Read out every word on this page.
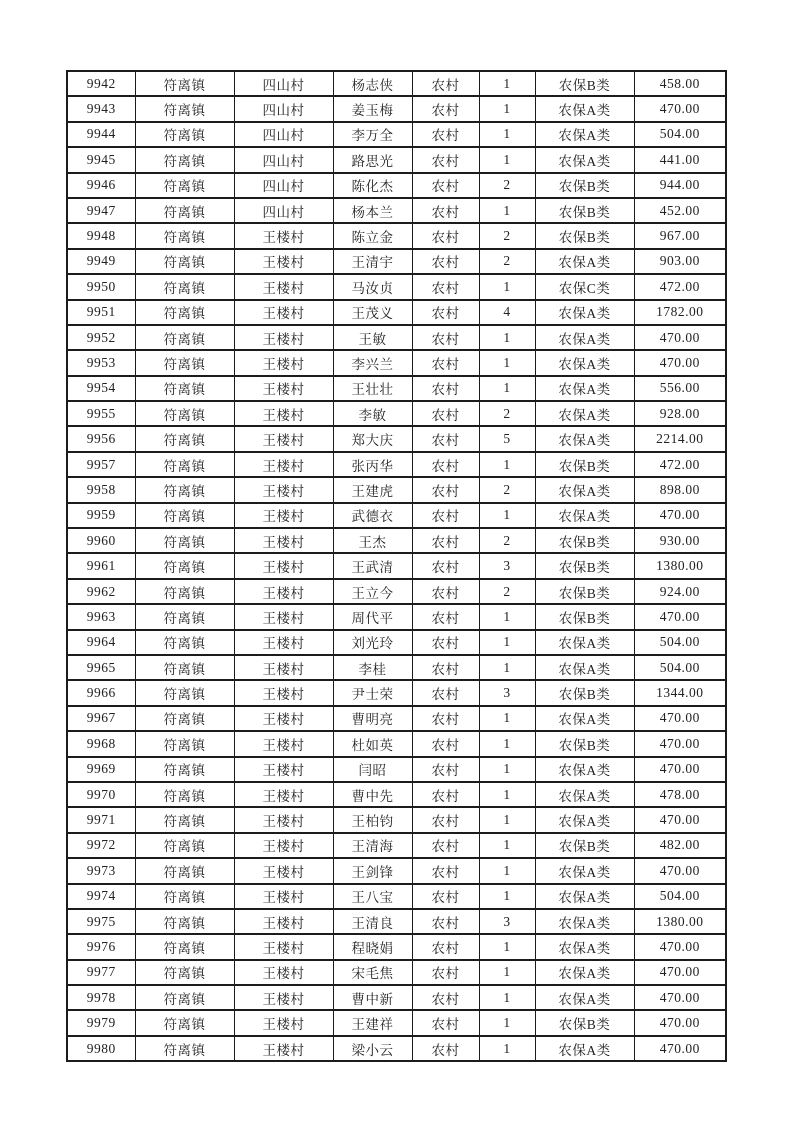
9942	符离镇	四山村	杨志侠	农村	1	农保B类	458.00
9943	符离镇	四山村	姜玉梅	农村	1	农保A类	470.00
9944	符离镇	四山村	李万全	农村	1	农保A类	504.00
9945	符离镇	四山村	路思光	农村	1	农保A类	441.00
9946	符离镇	四山村	陈化杰	农村	2	农保B类	944.00
9947	符离镇	四山村	杨本兰	农村	1	农保B类	452.00
9948	符离镇	王楼村	陈立金	农村	2	农保B类	967.00
9949	符离镇	王楼村	王清宇	农村	2	农保A类	903.00
9950	符离镇	王楼村	马汝贞	农村	1	农保C类	472.00
9951	符离镇	王楼村	王茂义	农村	4	农保A类	1782.00
9952	符离镇	王楼村	王敏	农村	1	农保A类	470.00
9953	符离镇	王楼村	李兴兰	农村	1	农保A类	470.00
9954	符离镇	王楼村	王壮壮	农村	1	农保A类	556.00
9955	符离镇	王楼村	李敏	农村	2	农保A类	928.00
9956	符离镇	王楼村	郑大庆	农村	5	农保A类	2214.00
9957	符离镇	王楼村	张丙华	农村	1	农保B类	472.00
9958	符离镇	王楼村	王建虎	农村	2	农保A类	898.00
9959	符离镇	王楼村	武德衣	农村	1	农保A类	470.00
9960	符离镇	王楼村	王杰	农村	2	农保B类	930.00
9961	符离镇	王楼村	王武清	农村	3	农保B类	1380.00
9962	符离镇	王楼村	王立今	农村	2	农保B类	924.00
9963	符离镇	王楼村	周代平	农村	1	农保B类	470.00
9964	符离镇	王楼村	刘光玲	农村	1	农保A类	504.00
9965	符离镇	王楼村	李桂	农村	1	农保A类	504.00
9966	符离镇	王楼村	尹士荣	农村	3	农保B类	1344.00
9967	符离镇	王楼村	曹明亮	农村	1	农保A类	470.00
9968	符离镇	王楼村	杜如英	农村	1	农保B类	470.00
9969	符离镇	王楼村	闫昭	农村	1	农保A类	470.00
9970	符离镇	王楼村	曹中先	农村	1	农保A类	478.00
9971	符离镇	王楼村	王柏钧	农村	1	农保A类	470.00
9972	符离镇	王楼村	王清海	农村	1	农保B类	482.00
9973	符离镇	王楼村	王剑锋	农村	1	农保A类	470.00
9974	符离镇	王楼村	王八宝	农村	1	农保A类	504.00
9975	符离镇	王楼村	王清良	农村	3	农保A类	1380.00
9976	符离镇	王楼村	程晓娟	农村	1	农保A类	470.00
9977	符离镇	王楼村	宋毛焦	农村	1	农保A类	470.00
9978	符离镇	王楼村	曹中新	农村	1	农保A类	470.00
9979	符离镇	王楼村	王建祥	农村	1	农保B类	470.00
9980	符离镇	王楼村	梁小云	农村	1	农保A类	470.00
